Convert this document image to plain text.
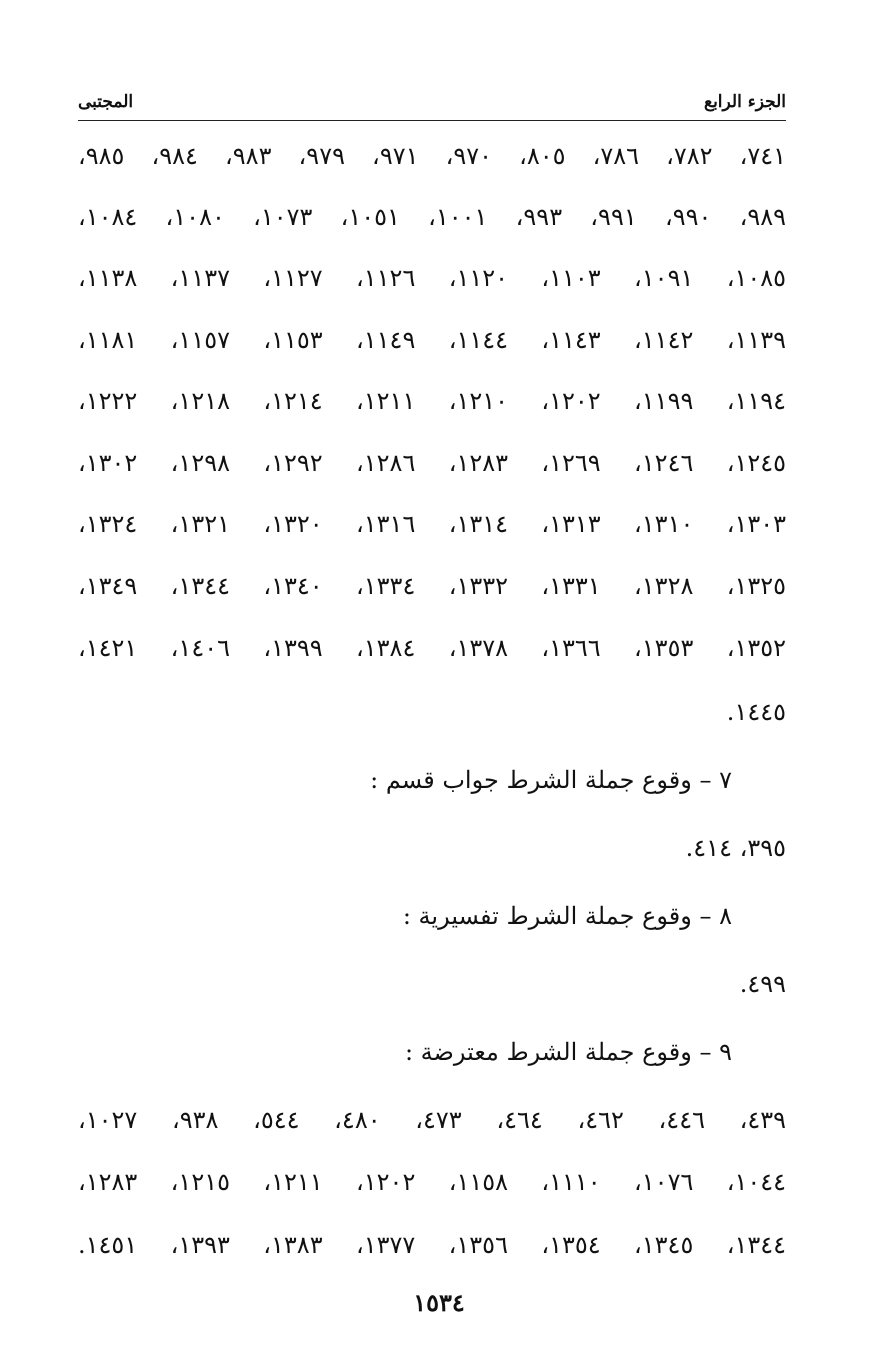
الجزء الرابع
المجتبى
٧٤١، ٧٨٢، ٧٨٦، ٨٠٥، ٩٧٠، ٩٧١، ٩٧٩، ٩٨٣، ٩٨٤، ٩٨٥،
٩٨٩، ٩٩٠، ٩٩١، ٩٩٣، ١٠٠١، ١٠٥١، ١٠٧٣، ١٠٨٠، ١٠٨٤،
١٠٨٥، ١٠٩١، ١١٠٣، ١١٢٠، ١١٢٦، ١١٢٧، ١١٣٧، ١١٣٨،
١١٣٩، ١١٤٢، ١١٤٣، ١١٤٤، ١١٤٩، ١١٥٣، ١١٥٧، ١١٨١،
١١٩٤، ١١٩٩، ١٢٠٢، ١٢١٠، ١٢١١، ١٢١٤، ١٢١٨، ١٢٢٢،
١٢٤٥، ١٢٤٦، ١٢٦٩، ١٢٨٣، ١٢٨٦، ١٢٩٢، ١٢٩٨، ١٣٠٢،
١٣٠٣، ١٣١٠، ١٣١٣، ١٣١٤، ١٣١٦، ١٣٢٠، ١٣٢١، ١٣٢٤،
١٣٢٥، ١٣٢٨، ١٣٣١، ١٣٣٢، ١٣٣٤، ١٣٤٠، ١٣٤٤، ١٣٤٩،
١٣٥٢، ١٣٥٣، ١٣٦٦، ١٣٧٨، ١٣٨٤، ١٣٩٩، ١٤٠٦، ١٤٢١،
١٤٤٥.
٧ – وقوع جملة الشرط جواب قسم :
٣٩٥، ٤١٤.
٨ – وقوع جملة الشرط تفسيرية :
٤٩٩.
٩ – وقوع جملة الشرط معترضة :
٤٣٩، ٤٤٦، ٤٦٢، ٤٦٤، ٤٧٣، ٤٨٠، ٥٤٤، ٩٣٨، ١٠٢٧،
١٠٤٤، ١٠٧٦، ١١١٠، ١١٥٨، ١٢٠٢، ١٢١١، ١٢١٥، ١٢٨٣،
١٣٤٤، ١٣٤٥، ١٣٥٤، ١٣٥٦، ١٣٧٧، ١٣٨٣، ١٣٩٣، ١٤٥١.
١٥٣٤
